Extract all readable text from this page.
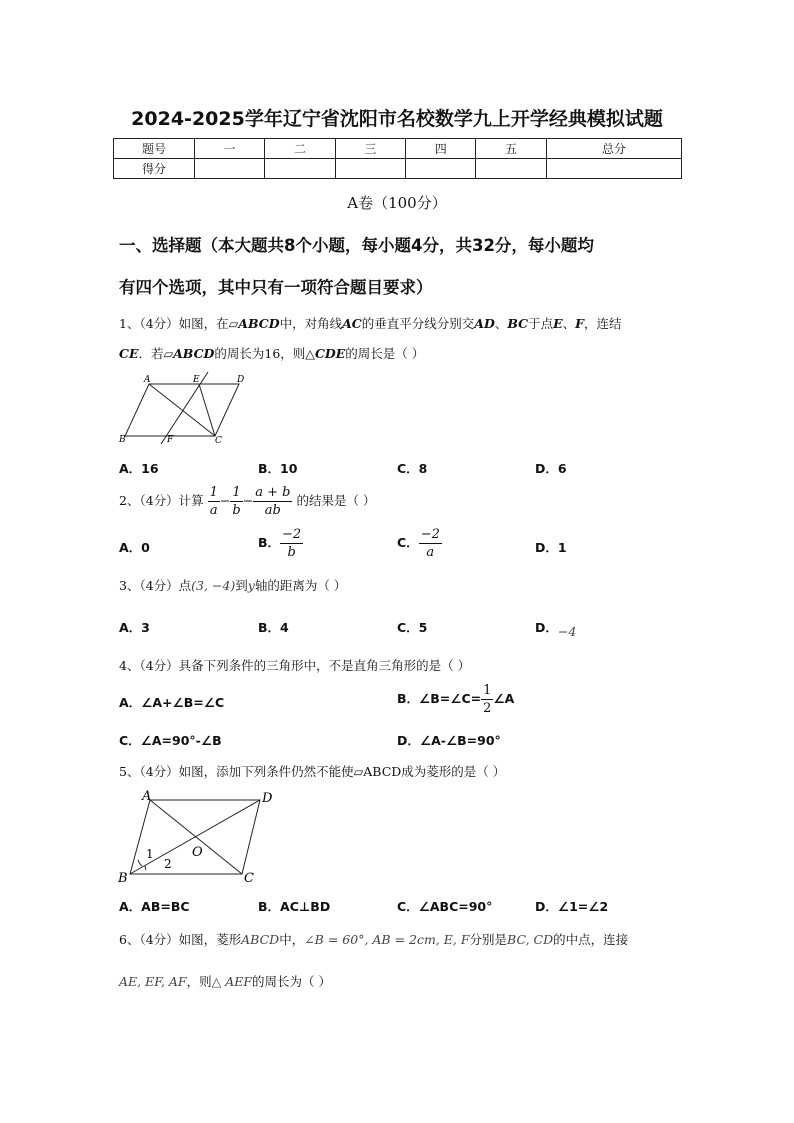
2024-2025学年辽宁省沈阳市名校数学九上开学经典模拟试题
题号	一	二	三	四	五	总分
得分						
A卷（100分）
一、选择题（本大题共8个小题，每小题4分，共32分，每小题均
有四个选项，其中只有一项符合题目要求）
1、（4分）如图，在▱ABCD中，对角线AC的垂直平分线分别交AD、BC于点E、F，连结
CE．若▱ABCD的周长为16，则△CDE的周长是（ ）
A	E	D
B	F	C
A．16	B．10	C．8	D．6
2、（4分）计算 $\frac{1}{a} - \frac{1}{b} - \frac{a + b}{ab}$ 的结果是（ ）
A．0	B． $\frac{-2}{b}$	C． $\frac{-2}{a}$	D．1
3、（4分）点(3, −4)到y轴的距离为（ ）
A．3	B．4	C．5	D．−4
4、（4分）具备下列条件的三角形中，不是直角三角形的是（ ）
A．∠A+∠B=∠C	B．∠B=∠C= $\frac{1}{2}$ ∠A
C．∠A=90°-∠B	D．∠A-∠B=90°
5、（4分）如图，添加下列条件仍然不能使▱ABCD成为菱形的是（ ）
A	D
O
1
2
B	C
A．AB=BC	B．AC⊥BD	C．∠ABC=90°	D．∠1=∠2
6、（4分）如图，菱形ABCD中，∠B = 60°, AB = 2cm, E, F分别是BC, CD的中点，连接
AE, EF, AF，则△ AEF的周长为（ ）
